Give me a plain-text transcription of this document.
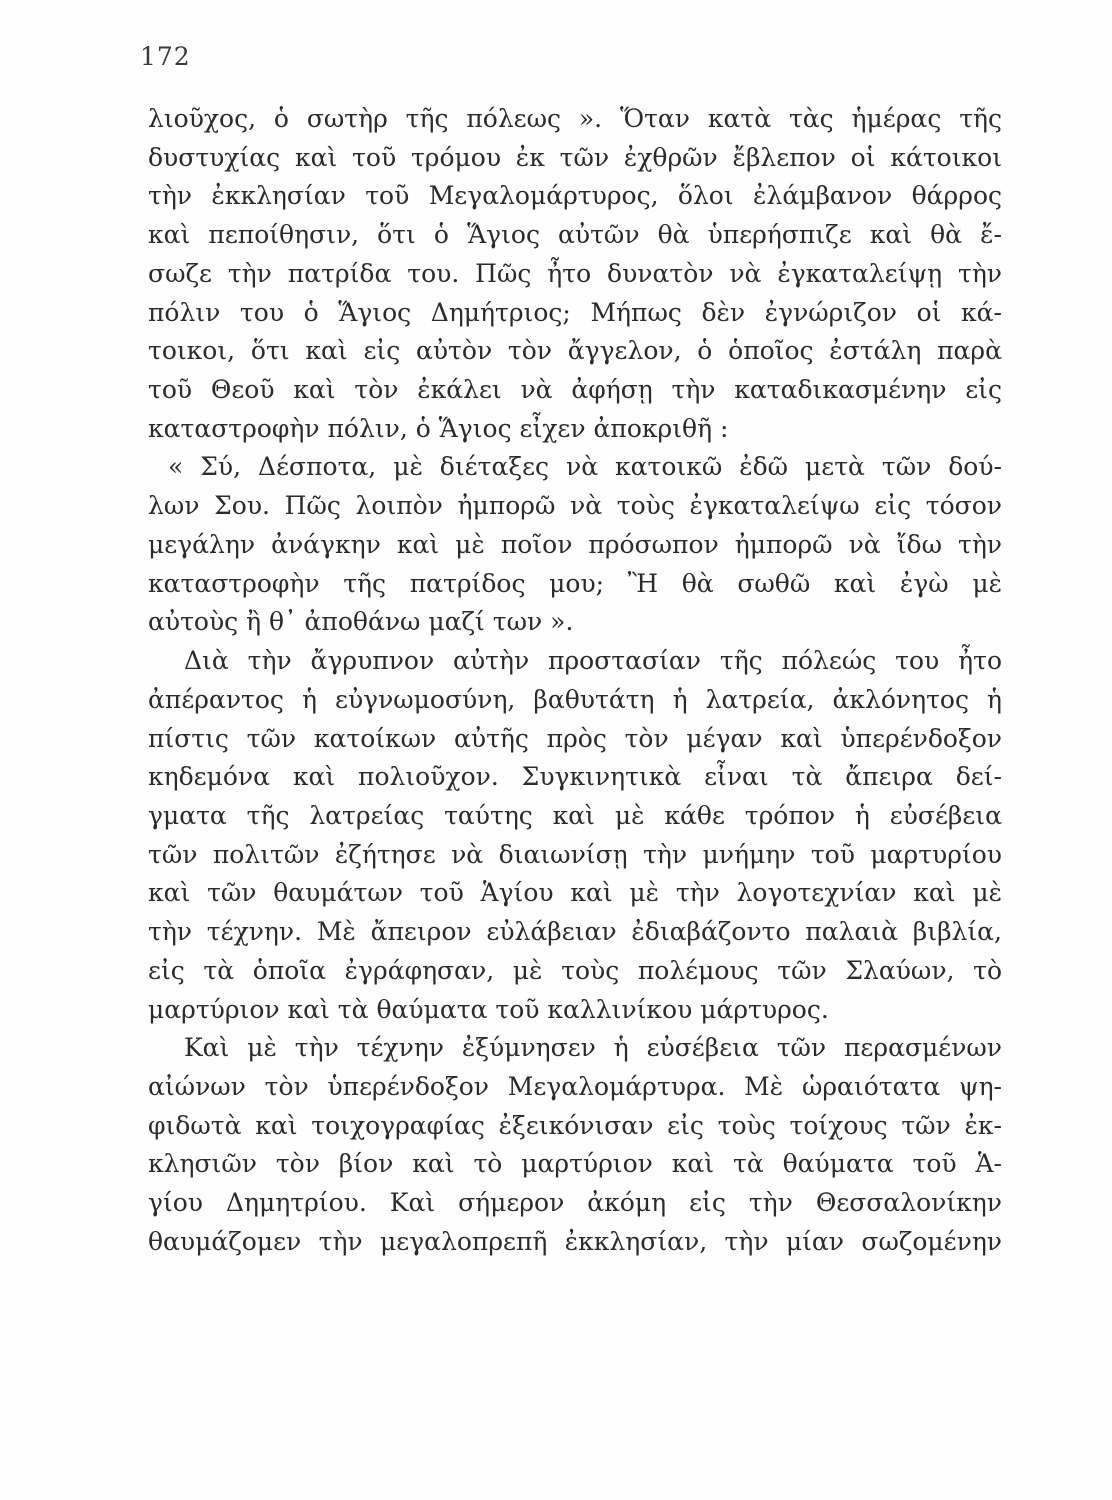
172
λιοῦχος, ὁ σωτὴρ τῆς πόλεως ». Ὅταν κατὰ τὰς ἡμέρας τῆς
δυστυχίας καὶ τοῦ τρόμου ἐκ τῶν ἐχθρῶν ἔβλεπον οἱ κάτοικοι
τὴν ἐκκλησίαν τοῦ Μεγαλομάρτυρος, ὅλοι ἐλάμβανον θάρρος
καὶ πεποίθησιν, ὅτι ὁ Ἅγιος αὐτῶν θὰ ὑπερήσπιζε καὶ θὰ ἔ-
σωζε τὴν πατρίδα του. Πῶς ἦτο δυνατὸν νὰ ἐγκαταλείψῃ τὴν
πόλιν του ὁ Ἅγιος Δημήτριος; Μήπως δὲν ἐγνώριζον οἱ κά-
τοικοι, ὅτι καὶ εἰς αὐτὸν τὸν ἄγγελον, ὁ ὁποῖος ἐστάλη παρὰ
τοῦ Θεοῦ καὶ τὸν ἐκάλει νὰ ἀφήσῃ τὴν καταδικασμένην εἰς
καταστροφὴν πόλιν, ὁ Ἅγιος εἶχεν ἀποκριθῆ :
« Σύ, Δέσποτα, μὲ διέταξες νὰ κατοικῶ ἐδῶ μετὰ τῶν δού-
λων Σου. Πῶς λοιπὸν ἠμπορῶ νὰ τοὺς ἐγκαταλείψω εἰς τόσον
μεγάλην ἀνάγκην καὶ μὲ ποῖον πρόσωπον ἠμπορῶ νὰ ἴδω τὴν
καταστροφὴν τῆς πατρίδος μου; Ἢ θὰ σωθῶ καὶ ἐγὼ μὲ
αὐτοὺς ἢ θ᾽ ἀποθάνω μαζί των ».
Διὰ τὴν ἄγρυπνον αὐτὴν προστασίαν τῆς πόλεώς του ἦτο
ἀπέραντος ἡ εὐγνωμοσύνη, βαθυτάτη ἡ λατρεία, ἀκλόνητος ἡ
πίστις τῶν κατοίκων αὐτῆς πρὸς τὸν μέγαν καὶ ὑπερένδοξον
κηδεμόνα καὶ πολιοῦχον. Συγκινητικὰ εἶναι τὰ ἄπειρα δεί-
γματα τῆς λατρείας ταύτης καὶ μὲ κάθε τρόπον ἡ εὐσέβεια
τῶν πολιτῶν ἐζήτησε νὰ διαιωνίσῃ τὴν μνήμην τοῦ μαρτυρίου
καὶ τῶν θαυμάτων τοῦ Ἁγίου καὶ μὲ τὴν λογοτεχνίαν καὶ μὲ
τὴν τέχνην. Μὲ ἄπειρον εὐλάβειαν ἐδιαβάζοντο παλαιὰ βιβλία,
εἰς τὰ ὁποῖα ἐγράφησαν, μὲ τοὺς πολέμους τῶν Σλαύων, τὸ
μαρτύριον καὶ τὰ θαύματα τοῦ καλλινίκου μάρτυρος.
Καὶ μὲ τὴν τέχνην ἐξύμνησεν ἡ εὐσέβεια τῶν περασμένων
αἰώνων τὸν ὑπερένδοξον Μεγαλομάρτυρα. Μὲ ὡραιότατα ψη-
φιδωτὰ καὶ τοιχογραφίας ἐξεικόνισαν εἰς τοὺς τοίχους τῶν ἐκ-
κλησιῶν τὸν βίον καὶ τὸ μαρτύριον καὶ τὰ θαύματα τοῦ Ἁ-
γίου Δημητρίου. Καὶ σήμερον ἀκόμη εἰς τὴν Θεσσαλονίκην
θαυμάζομεν τὴν μεγαλοπρεπῆ ἐκκλησίαν, τὴν μίαν σωζομένην
